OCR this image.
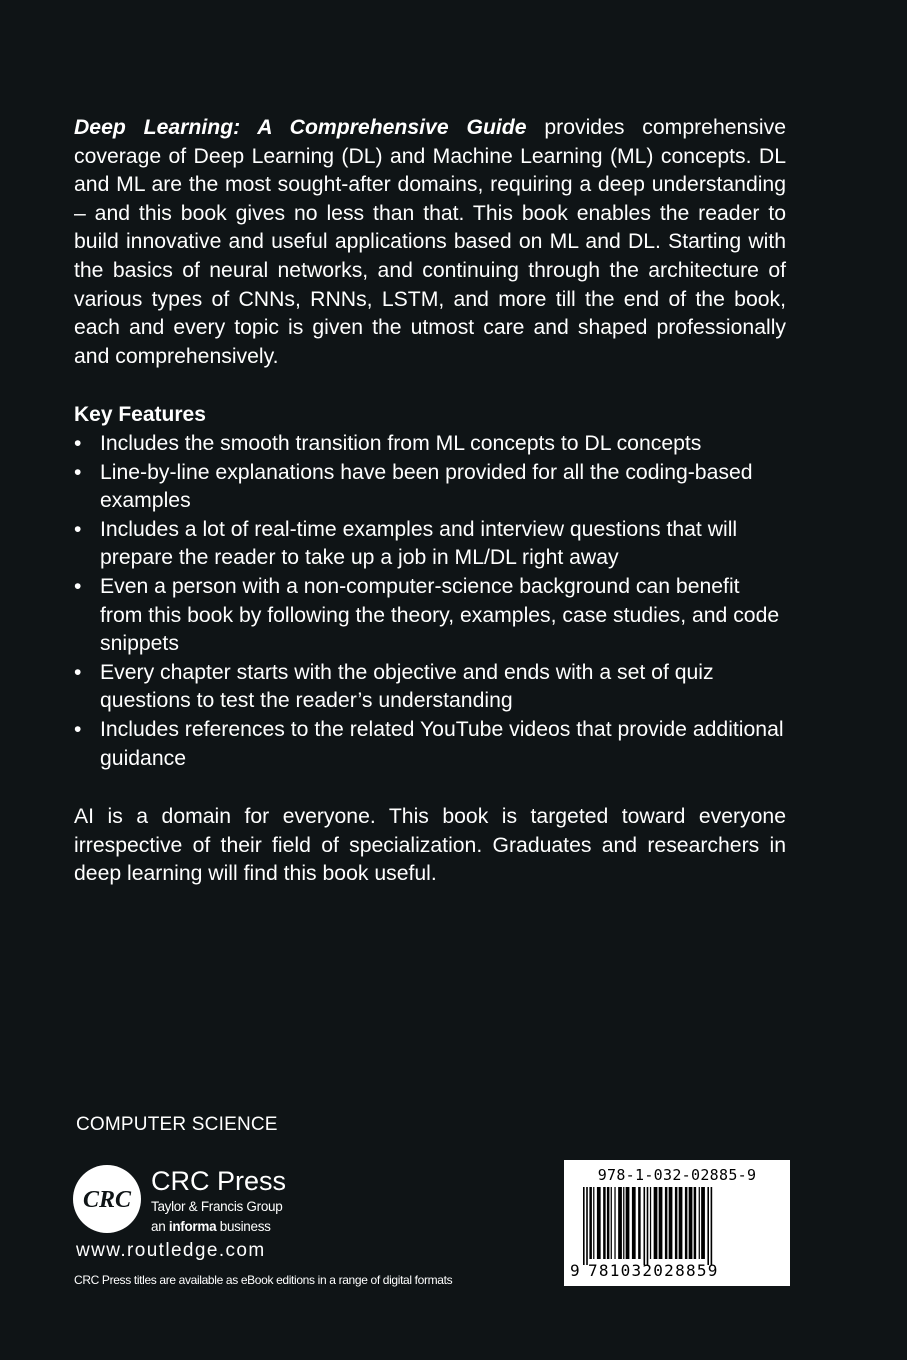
Deep Learning: A Comprehensive Guide provides comprehensive coverage of Deep Learning (DL) and Machine Learning (ML) concepts. DL and ML are the most sought-after domains, requiring a deep understanding – and this book gives no less than that. This book enables the reader to build innovative and useful applications based on ML and DL. Starting with the basics of neural networks, and continuing through the architecture of various types of CNNs, RNNs, LSTM, and more till the end of the book, each and every topic is given the utmost care and shaped professionally and comprehensively.

Key Features
• Includes the smooth transition from ML concepts to DL concepts
• Line-by-line explanations have been provided for all the coding-based examples
• Includes a lot of real-time examples and interview questions that will prepare the reader to take up a job in ML/DL right away
• Even a person with a non-computer-science background can benefit from this book by following the theory, examples, case studies, and code snippets
• Every chapter starts with the objective and ends with a set of quiz questions to test the reader’s understanding
• Includes references to the related YouTube videos that provide additional guidance

AI is a domain for everyone. This book is targeted toward everyone irrespective of their field of specialization. Graduates and researchers in deep learning will find this book useful.

COMPUTER SCIENCE
CRC
CRC Press
Taylor & Francis Group
an informa business
www.routledge.com
CRC Press titles are available as eBook editions in a range of digital formats
978-1-032-02885-9
9 781032028859
